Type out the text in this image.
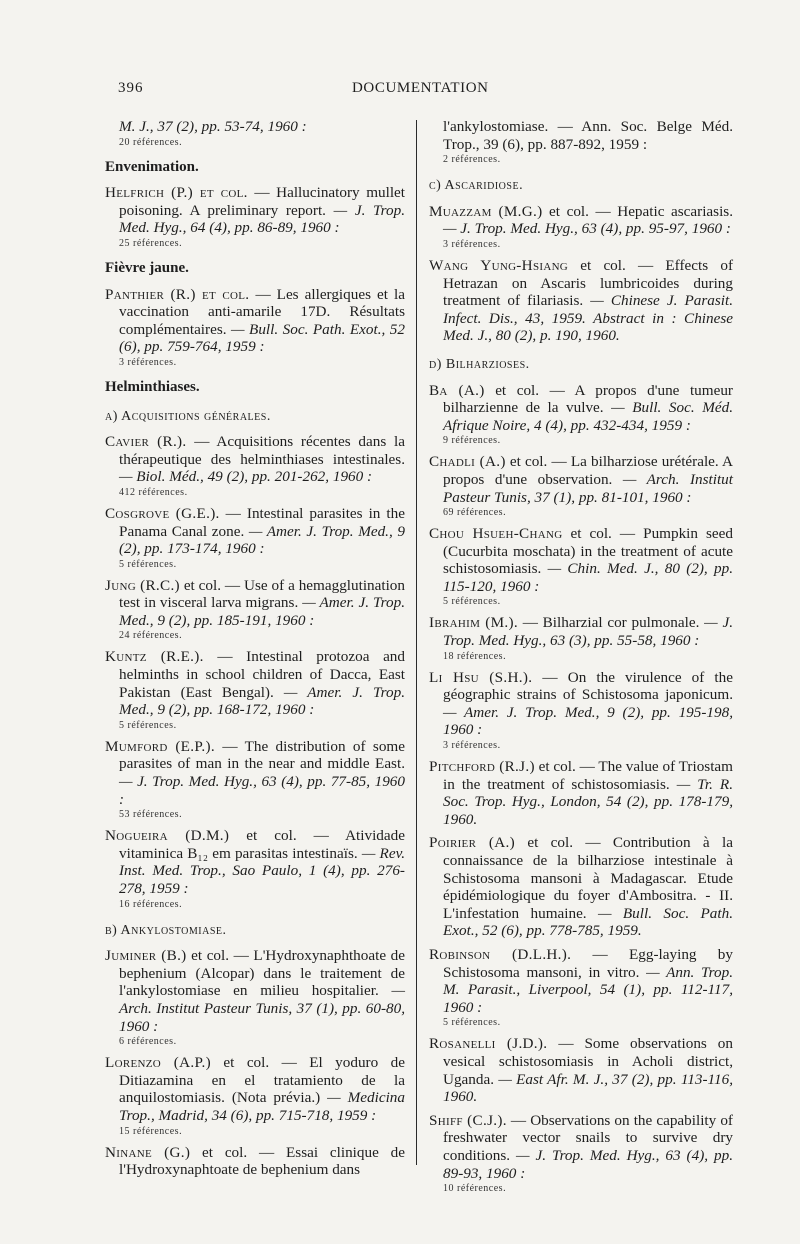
396	DOCUMENTATION
M. J., 37 (2), pp. 53-74, 1960 :
20 références.
Envenimation.
Helfrich (P.) et col. — Hallucinatory mullet poisoning. A preliminary report. — J. Trop. Med. Hyg., 64 (4), pp. 86-89, 1960 :
25 références.
Fièvre jaune.
Panthier (R.) et col. — Les allergiques et la vaccination anti-amarile 17D. Résultats complémentaires. — Bull. Soc. Path. Exot., 52 (6), pp. 759-764, 1959 :
3 références.
Helminthiases.
a) Acquisitions générales.
Cavier (R.). — Acquisitions récentes dans la thérapeutique des helminthiases intestinales. — Biol. Méd., 49 (2), pp. 201-262, 1960 :
412 références.
Cosgrove (G.E.). — Intestinal parasites in the Panama Canal zone. — Amer. J. Trop. Med., 9 (2), pp. 173-174, 1960 :
5 références.
Jung (R.C.) et col. — Use of a hemagglutination test in visceral larva migrans. — Amer. J. Trop. Med., 9 (2), pp. 185-191, 1960 :
24 références.
Kuntz (R.E.). — Intestinal protozoa and helminths in school children of Dacca, East Pakistan (East Bengal). — Amer. J. Trop. Med., 9 (2), pp. 168-172, 1960 :
5 références.
Mumford (E.P.). — The distribution of some parasites of man in the near and middle East. — J. Trop. Med. Hyg., 63 (4), pp. 77-85, 1960 :
53 références.
Nogueira (D.M.) et col. — Atividade vitaminica B₁₂ em parasitas intestinaïs. — Rev. Inst. Med. Trop., Sao Paulo, 1 (4), pp. 276-278, 1959 :
16 références.
b) Ankylostomiase.
Juminer (B.) et col. — L'Hydroxynaphthoate de bephenium (Alcopar) dans le traitement de l'ankylostomiase en milieu hospitalier. — Arch. Institut Pasteur Tunis, 37 (1), pp. 60-80, 1960 :
6 références.
Lorenzo (A.P.) et col. — El yoduro de Ditiazamina en el tratamiento de la anquilostomiasis. (Nota prévia.) — Medicina Trop., Madrid, 34 (6), pp. 715-718, 1959 :
15 références.
Ninane (G.) et col. — Essai clinique de l'Hydroxynaphtoate de bephenium dans
l'ankylostomiase. — Ann. Soc. Belge Méd. Trop., 39 (6), pp. 887-892, 1959 :
2 références.
c) Ascaridiose.
Muazzam (M.G.) et col. — Hepatic ascariasis. — J. Trop. Med. Hyg., 63 (4), pp. 95-97, 1960 :
3 références.
Wang Yung-Hsiang et col. — Effects of Hetrazan on Ascaris lumbricoides during treatment of filariasis. — Chinese J. Parasit. Infect. Dis., 43, 1959. Abstract in : Chinese Med. J., 80 (2), p. 190, 1960.
d) Bilharzioses.
Ba (A.) et col. — A propos d'une tumeur bilharzienne de la vulve. — Bull. Soc. Méd. Afrique Noire, 4 (4), pp. 432-434, 1959 :
9 références.
Chadli (A.) et col. — La bilharziose urétérale. A propos d'une observation. — Arch. Institut Pasteur Tunis, 37 (1), pp. 81-101, 1960 :
69 références.
Chou Hsueh-Chang et col. — Pumpkin seed (Cucurbita moschata) in the treatment of acute schistosomiasis. — Chin. Med. J., 80 (2), pp. 115-120, 1960 :
5 références.
Ibrahim (M.). — Bilharzial cor pulmonale. — J. Trop. Med. Hyg., 63 (3), pp. 55-58, 1960 :
18 références.
Li Hsu (S.H.). — On the virulence of the géographic strains of Schistosoma japonicum. — Amer. J. Trop. Med., 9 (2), pp. 195-198, 1960 :
3 références.
Pitchford (R.J.) et col. — The value of Triostam in the treatment of schistosomiasis. — Tr. R. Soc. Trop. Hyg., London, 54 (2), pp. 178-179, 1960.
Poirier (A.) et col. — Contribution à la connaissance de la bilharziose intestinale à Schistosoma mansoni à Madagascar. Etude épidémiologique du foyer d'Ambositra. - II. L'infestation humaine. — Bull. Soc. Path. Exot., 52 (6), pp. 778-785, 1959.
Robinson (D.L.H.). — Egg-laying by Schistosoma mansoni, in vitro. — Ann. Trop. M. Parasit., Liverpool, 54 (1), pp. 112-117, 1960 :
5 références.
Rosanelli (J.D.). — Some observations on vesical schistosomiasis in Acholi district, Uganda. — East Afr. M. J., 37 (2), pp. 113-116, 1960.
Shiff (C.J.). — Observations on the capability of freshwater vector snails to survive dry conditions. — J. Trop. Med. Hyg., 63 (4), pp. 89-93, 1960 :
10 références.
